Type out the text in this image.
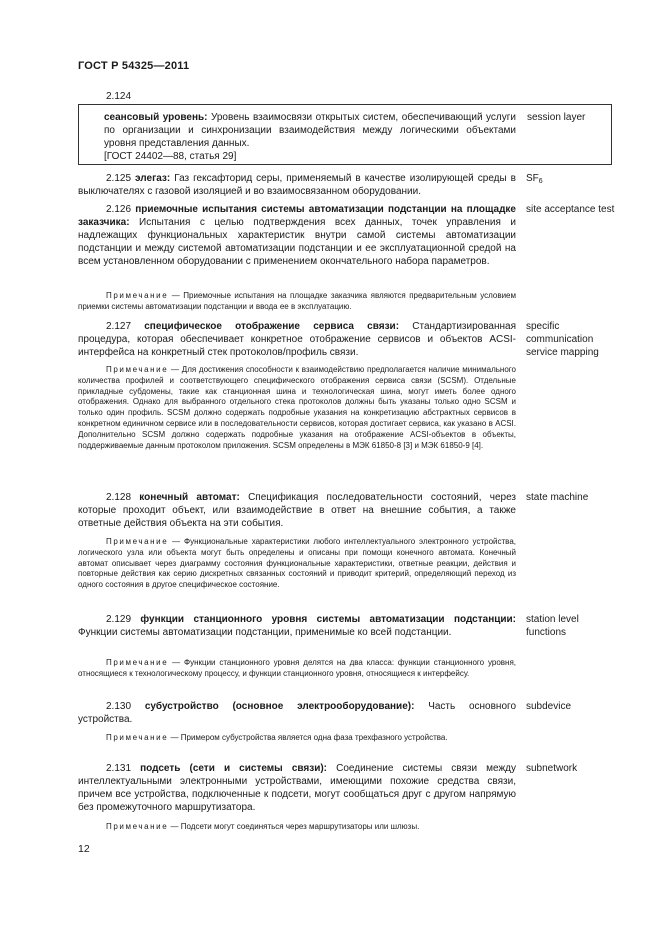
ГОСТ Р 54325—2011
2.124
сеансовый уровень: Уровень взаимосвязи открытых систем, обеспечивающий услуги по организации и синхронизации взаимодействия между логическими объектами уровня представления данных.
[ГОСТ 24402—88, статья 29]
session layer
2.125 элегаз: Газ гексафторид серы, применяемый в качестве изолирующей среды в выключателях с газовой изоляцией и во взаимосвязанном оборудовании.
$SF_6$
2.126 приемочные испытания системы автоматизации подстанции на площадке заказчика: Испытания с целью подтверждения всех данных, точек управления и надлежащих функциональных характеристик внутри самой системы автоматизации подстанции и между системой автоматизации подстанции и ее эксплуатационной средой на всем установленном оборудовании с применением окончательного набора параметров.
site acceptance test
Примечание — Приемочные испытания на площадке заказчика являются предварительным условием приемки системы автоматизации подстанции и ввода ее в эксплуатацию.
2.127 специфическое отображение сервиса связи: Стандартизированная процедура, которая обеспечивает конкретное отображение сервисов и объектов ACSI-интерфейса на конкретный стек протоколов/профиль связи.
specific communication service mapping
Примечание — Для достижения способности к взаимодействию предполагается наличие минимального количества профилей и соответствующего специфического отображения сервиса связи (SCSM). Отдельные прикладные субдомены, такие как станционная шина и технологическая шина, могут иметь более одного отображения. Однако для выбранного отдельного стека протоколов должны быть указаны только одно SCSM и только один профиль. SCSM должно содержать подробные указания на конкретизацию абстрактных сервисов в конкретном единичном сервисе или в последовательности сервисов, которая достигает сервиса, как указано в ACSI. Дополнительно SCSM должно содержать подробные указания на отображение ACSI-объектов в объекты, поддерживаемые данным протоколом приложения. SCSM определены в МЭК 61850-8 [3] и МЭК 61850-9 [4].
2.128 конечный автомат: Спецификация последовательности состояний, через которые проходит объект, или взаимодействие в ответ на внешние события, а также ответные действия объекта на эти события.
state machine
Примечание — Функциональные характеристики любого интеллектуального электронного устройства, логического узла или объекта могут быть определены и описаны при помощи конечного автомата. Конечный автомат описывает через диаграмму состояния функциональные характеристики, ответные реакции, действия и повторные действия как серию дискретных связанных состояний и приводит критерий, определяющий переход из одного состояния в другое специфическое состояние.
2.129 функции станционного уровня системы автоматизации подстанции: Функции системы автоматизации подстанции, применимые ко всей подстанции.
station level functions
Примечание — Функции станционного уровня делятся на два класса: функции станционного уровня, относящиеся к технологическому процессу, и функции станционного уровня, относящиеся к интерфейсу.
2.130 субустройство (основное электрооборудование): Часть основного устройства.
subdevice
Примечание — Примером субустройства является одна фаза трехфазного устройства.
2.131 подсеть (сети и системы связи): Соединение системы связи между интеллектуальными электронными устройствами, имеющими похожие средства связи, причем все устройства, подключенные к подсети, могут сообщаться друг с другом напрямую без промежуточного маршрутизатора.
subnetwork
Примечание — Подсети могут соединяться через маршрутизаторы или шлюзы.
12
